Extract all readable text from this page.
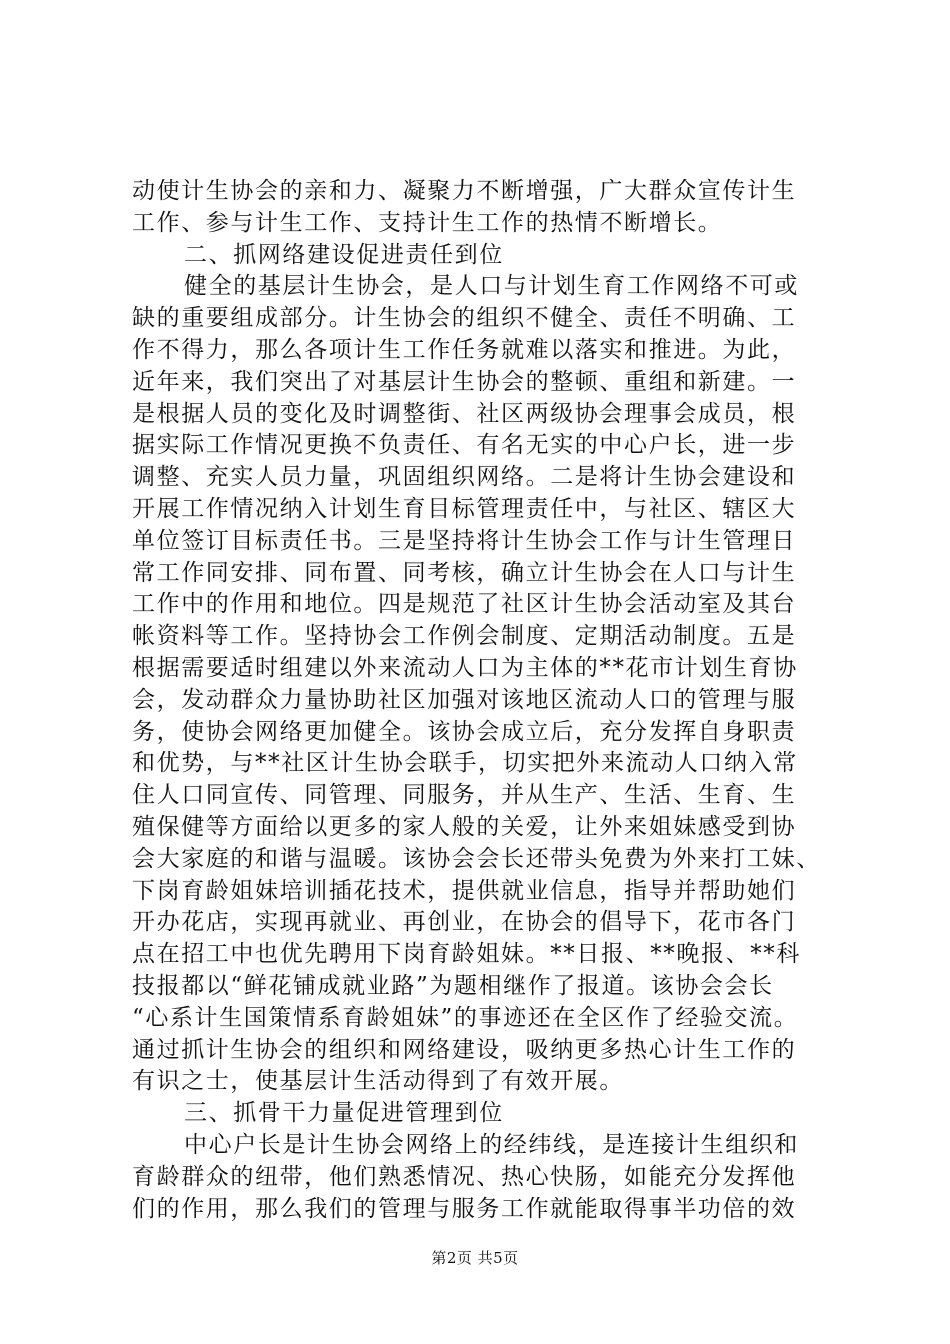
动使计生协会的亲和力、凝聚力不断增强，广大群众宣传计生
工作、参与计生工作、支持计生工作的热情不断增长。
二、抓网络建设促进责任到位
健全的基层计生协会，是人口与计划生育工作网络不可或
缺的重要组成部分。计生协会的组织不健全、责任不明确、工
作不得力，那么各项计生工作任务就难以落实和推进。为此，
近年来，我们突出了对基层计生协会的整顿、重组和新建。一
是根据人员的变化及时调整街、社区两级协会理事会成员，根
据实际工作情况更换不负责任、有名无实的中心户长，进一步
调整、充实人员力量，巩固组织网络。二是将计生协会建设和
开展工作情况纳入计划生育目标管理责任中，与社区、辖区大
单位签订目标责任书。三是坚持将计生协会工作与计生管理日
常工作同安排、同布置、同考核，确立计生协会在人口与计生
工作中的作用和地位。四是规范了社区计生协会活动室及其台
帐资料等工作。坚持协会工作例会制度、定期活动制度。五是
根据需要适时组建以外来流动人口为主体的**花市计划生育协
会，发动群众力量协助社区加强对该地区流动人口的管理与服
务，使协会网络更加健全。该协会成立后，充分发挥自身职责
和优势，与**社区计生协会联手，切实把外来流动人口纳入常
住人口同宣传、同管理、同服务，并从生产、生活、生育、生
殖保健等方面给以更多的家人般的关爱，让外来姐妹感受到协
会大家庭的和谐与温暖。该协会会长还带头免费为外来打工妹、
下岗育龄姐妹培训插花技术，提供就业信息，指导并帮助她们
开办花店，实现再就业、再创业，在协会的倡导下，花市各门
点在招工中也优先聘用下岗育龄姐妹。**日报、**晚报、**科
技报都以“鲜花铺成就业路”为题相继作了报道。该协会会长
“心系计生国策情系育龄姐妹”的事迹还在全区作了经验交流。
通过抓计生协会的组织和网络建设，吸纳更多热心计生工作的
有识之士，使基层计生活动得到了有效开展。
三、抓骨干力量促进管理到位
中心户长是计生协会网络上的经纬线，是连接计生组织和
育龄群众的纽带，他们熟悉情况、热心快肠，如能充分发挥他
们的作用，那么我们的管理与服务工作就能取得事半功倍的效
第2页 共5页
